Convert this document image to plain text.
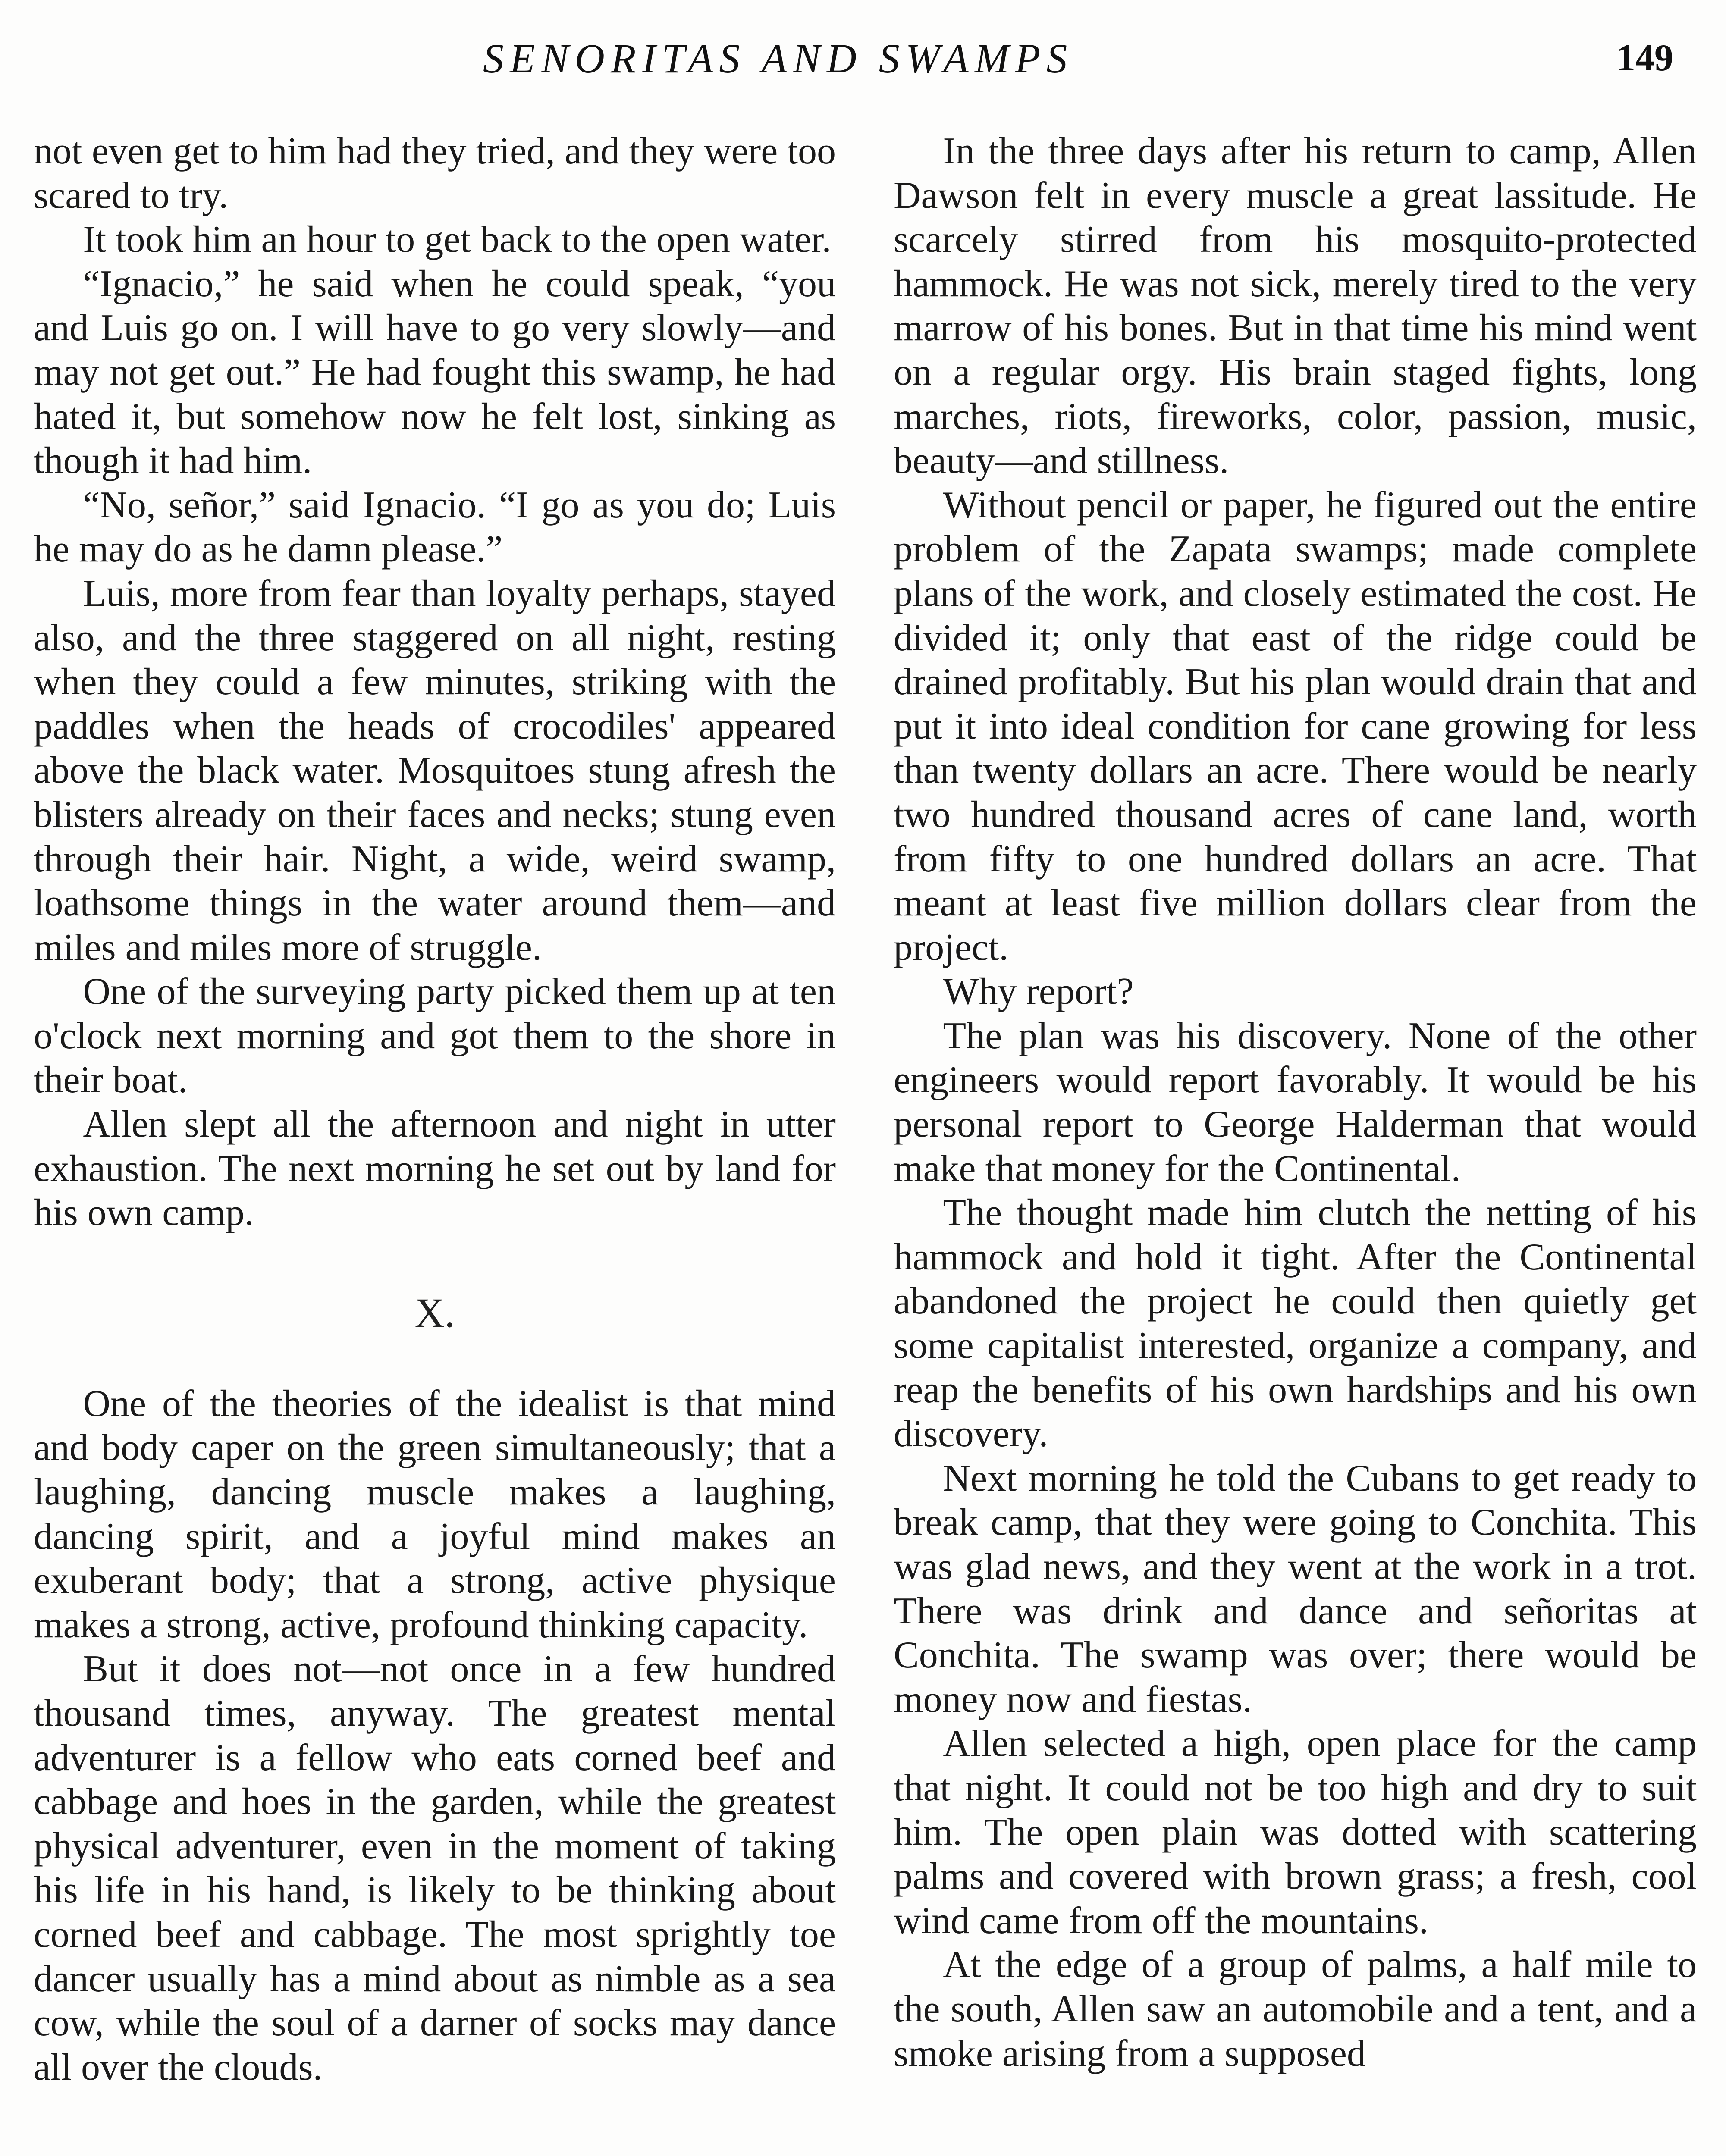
SENORITAS AND SWAMPS	149

not even get to him had they tried, and they were too scared to try.

It took him an hour to get back to the open water.

“Ignacio,” he said when he could speak, “you and Luis go on. I will have to go very slowly—and may not get out.” He had fought this swamp, he had hated it, but somehow now he felt lost, sinking as though it had him.

“No, señor,” said Ignacio. “I go as you do; Luis he may do as he damn please.”

Luis, more from fear than loyalty perhaps, stayed also, and the three staggered on all night, resting when they could a few minutes, striking with the paddles when the heads of crocodiles' appeared above the black water. Mosquitoes stung afresh the blisters already on their faces and necks; stung even through their hair. Night, a wide, weird swamp, loathsome things in the water around them—and miles and miles more of struggle.

One of the surveying party picked them up at ten o'clock next morning and got them to the shore in their boat.

Allen slept all the afternoon and night in utter exhaustion. The next morning he set out by land for his own camp.

X.

One of the theories of the idealist is that mind and body caper on the green simultaneously; that a laughing, dancing muscle makes a laughing, dancing spirit, and a joyful mind makes an exuberant body; that a strong, active physique makes a strong, active, profound thinking capacity.

But it does not—not once in a few hundred thousand times, anyway. The greatest mental adventurer is a fellow who eats corned beef and cabbage and hoes in the garden, while the greatest physical adventurer, even in the moment of taking his life in his hand, is likely to be thinking about corned beef and cabbage. The most sprightly toe dancer usually has a mind about as nimble as a sea cow, while the soul of a darner of socks may dance all over the clouds.

In the three days after his return to camp, Allen Dawson felt in every muscle a great lassitude. He scarcely stirred from his mosquito-protected hammock. He was not sick, merely tired to the very marrow of his bones. But in that time his mind went on a regular orgy. His brain staged fights, long marches, riots, fireworks, color, passion, music, beauty—and stillness.

Without pencil or paper, he figured out the entire problem of the Zapata swamps; made complete plans of the work, and closely estimated the cost. He divided it; only that east of the ridge could be drained profitably. But his plan would drain that and put it into ideal condition for cane growing for less than twenty dollars an acre. There would be nearly two hundred thousand acres of cane land, worth from fifty to one hundred dollars an acre. That meant at least five million dollars clear from the project.

Why report?

The plan was his discovery. None of the other engineers would report favorably. It would be his personal report to George Halderman that would make that money for the Continental.

The thought made him clutch the netting of his hammock and hold it tight. After the Continental abandoned the project he could then quietly get some capitalist interested, organize a company, and reap the benefits of his own hardships and his own discovery.

Next morning he told the Cubans to get ready to break camp, that they were going to Conchita. This was glad news, and they went at the work in a trot. There was drink and dance and señoritas at Conchita. The swamp was over; there would be money now and fiestas.

Allen selected a high, open place for the camp that night. It could not be too high and dry to suit him. The open plain was dotted with scattering palms and covered with brown grass; a fresh, cool wind came from off the mountains.

At the edge of a group of palms, a half mile to the south, Allen saw an automobile and a tent, and a smoke arising from a supposed
